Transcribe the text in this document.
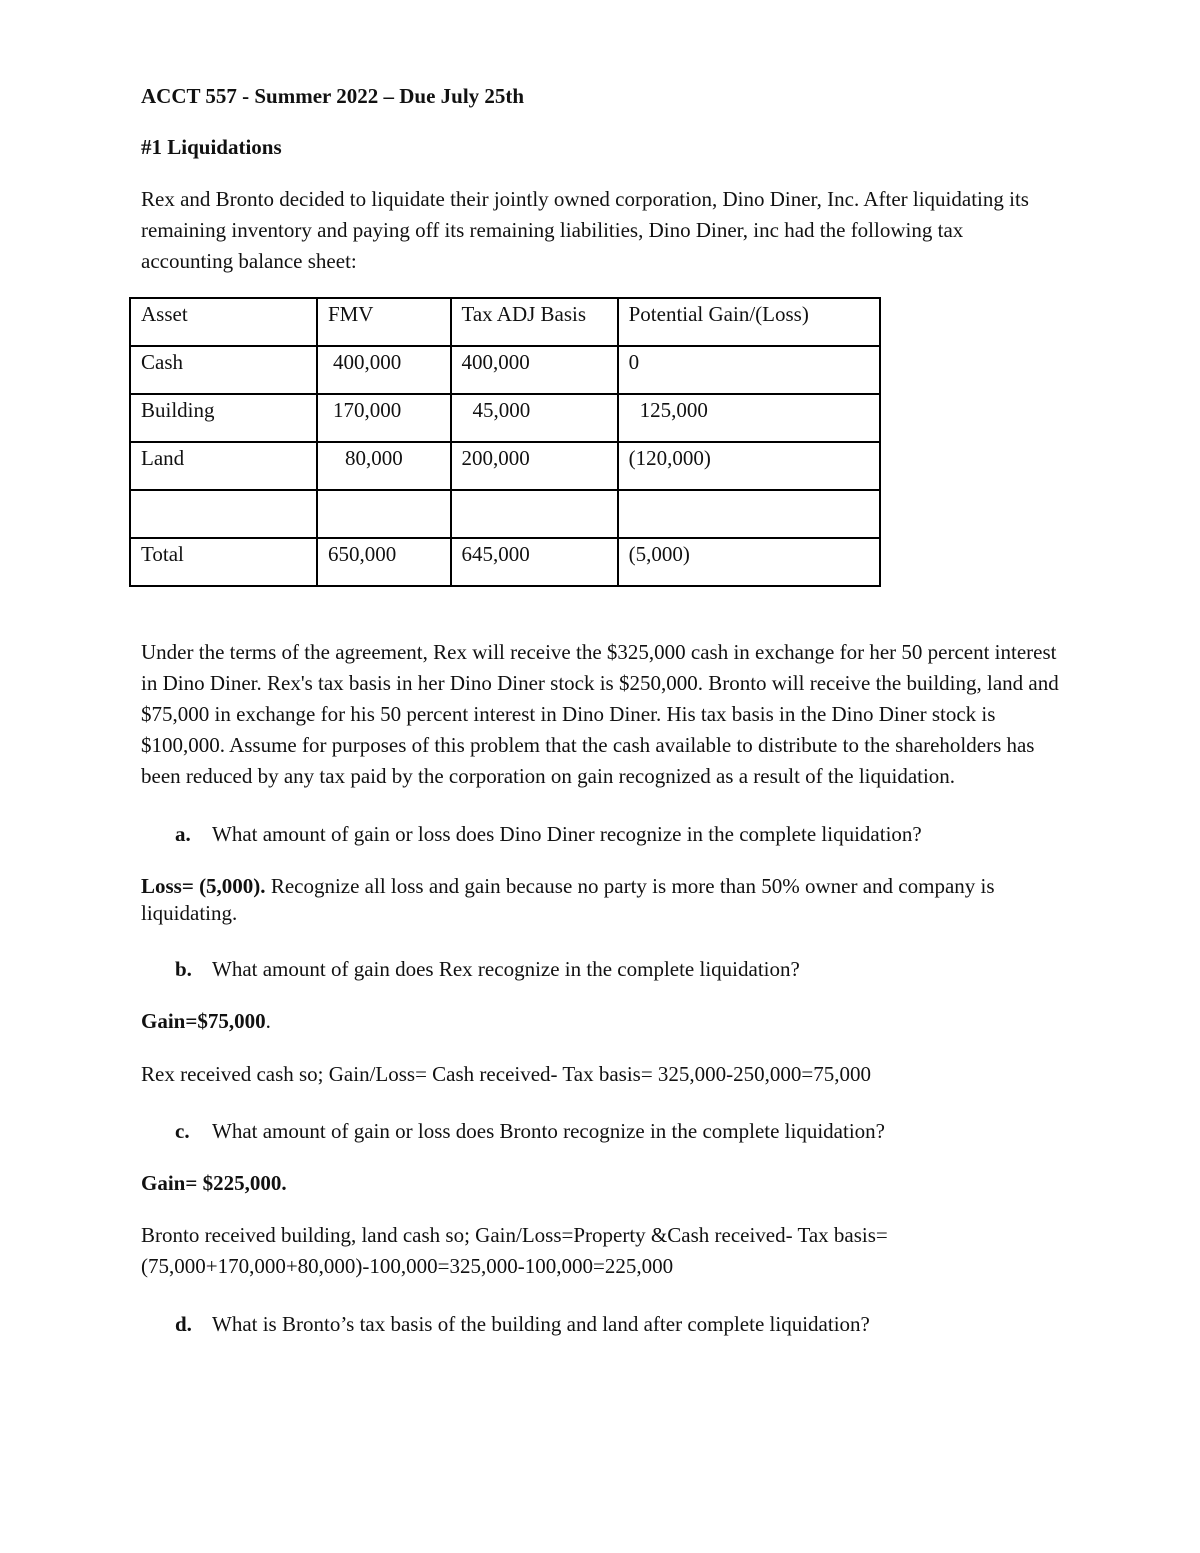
ACCT 557 - Summer 2022 – Due July 25th
#1 Liquidations
Rex and Bronto decided to liquidate their jointly owned corporation, Dino Diner, Inc. After liquidating its remaining inventory and paying off its remaining liabilities, Dino Diner, inc had the following tax accounting balance sheet:
Asset	FMV	Tax ADJ Basis	Potential Gain/(Loss)
Cash	400,000	400,000	0
Building	170,000	45,000	125,000
Land	80,000	200,000	(120,000)

Total	650,000	645,000	(5,000)
Under the terms of the agreement, Rex will receive the $325,000 cash in exchange for her 50 percent interest in Dino Diner. Rex's tax basis in her Dino Diner stock is $250,000. Bronto will receive the building, land and $75,000 in exchange for his 50 percent interest in Dino Diner. His tax basis in the Dino Diner stock is $100,000. Assume for purposes of this problem that the cash available to distribute to the shareholders has been reduced by any tax paid by the corporation on gain recognized as a result of the liquidation.
a. What amount of gain or loss does Dino Diner recognize in the complete liquidation?
Loss= (5,000). Recognize all loss and gain because no party is more than 50% owner and company is liquidating.
b. What amount of gain does Rex recognize in the complete liquidation?
Gain=$75,000.
Rex received cash so; Gain/Loss= Cash received- Tax basis= 325,000-250,000=75,000
c. What amount of gain or loss does Bronto recognize in the complete liquidation?
Gain= $225,000.
Bronto received building, land cash so; Gain/Loss=Property &Cash received- Tax basis= (75,000+170,000+80,000)-100,000=325,000-100,000=225,000
d. What is Bronto’s tax basis of the building and land after complete liquidation?
